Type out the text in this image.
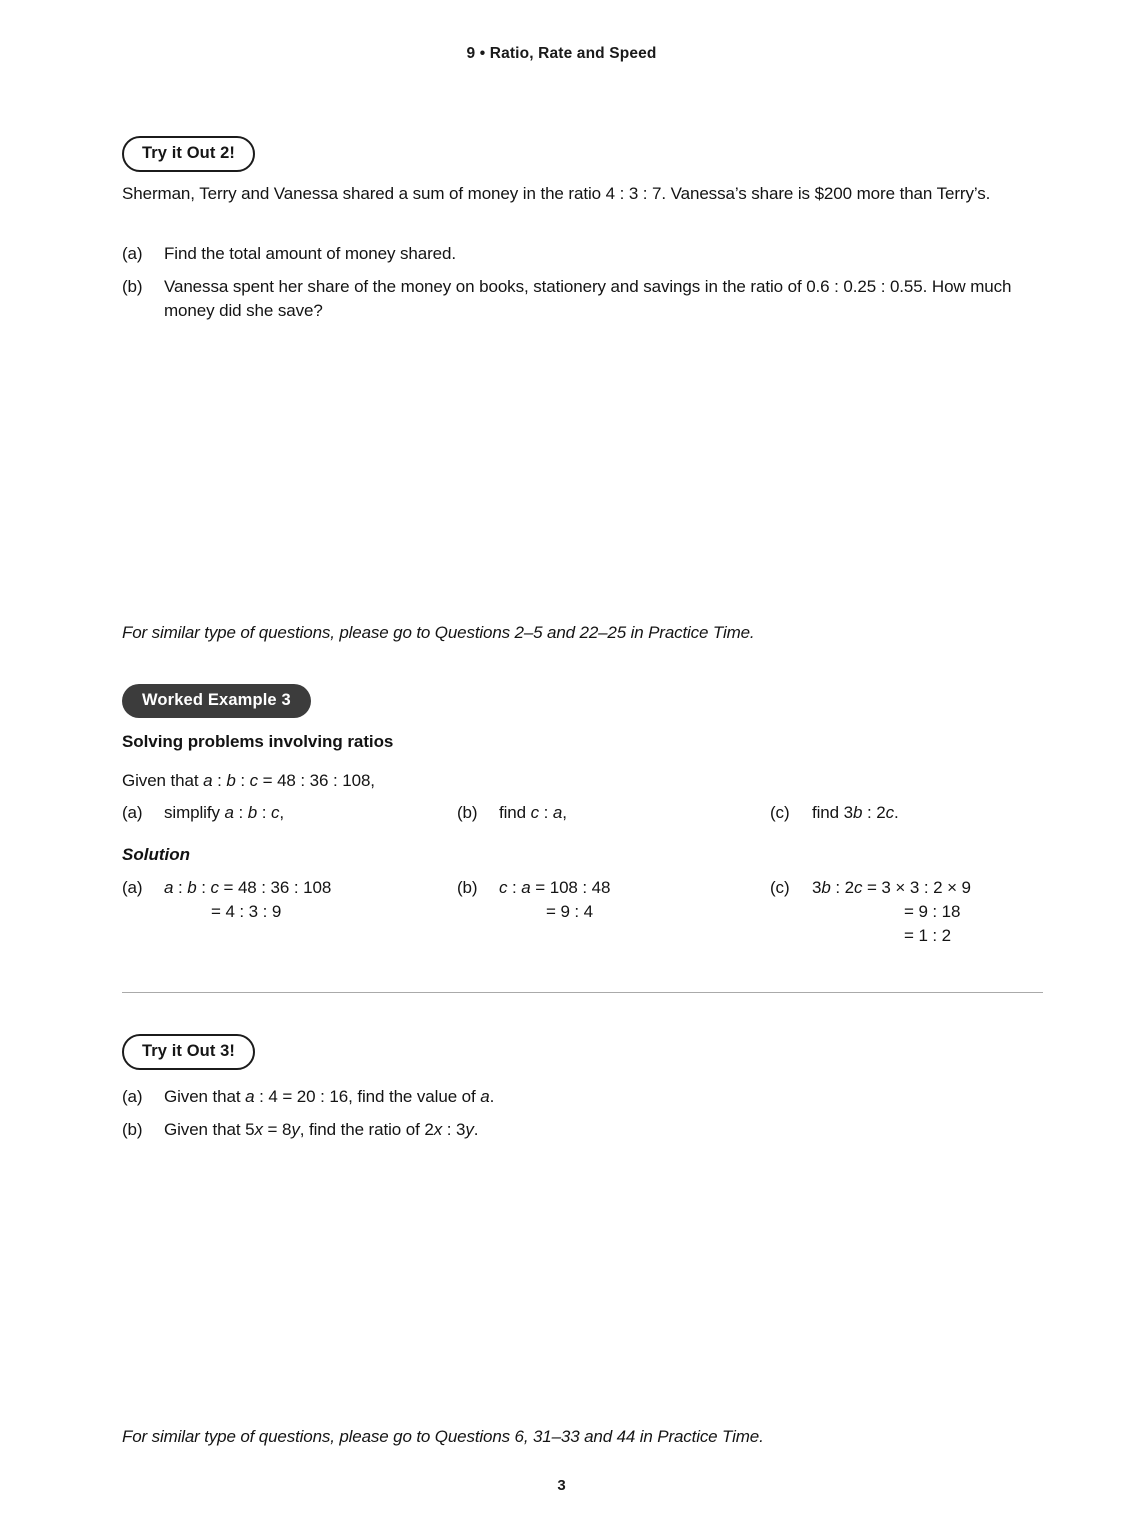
9 • Ratio, Rate and Speed
Try it Out 2!
Sherman, Terry and Vanessa shared a sum of money in the ratio 4 : 3 : 7. Vanessa’s share is $200 more than Terry’s.
(a)	Find the total amount of money shared.
(b)	Vanessa spent her share of the money on books, stationery and savings in the ratio of 0.6 : 0.25 : 0.55. How much money did she save?
For similar type of questions, please go to Questions 2–5 and 22–25 in Practice Time.
Worked Example 3
Solving problems involving ratios
Given that a : b : c = 48 : 36 : 108,
(a)	simplify a : b : c,	(b)	find c : a,	(c)	find 3b : 2c.
Solution
(a)	a : b : c = 48 : 36 : 108
= 4 : 3 : 9
(b)	c : a = 108 : 48
= 9 : 4
(c)	3b : 2c = 3 × 3 : 2 × 9
= 9 : 18
= 1 : 2
Try it Out 3!
(a)	Given that a : 4 = 20 : 16, find the value of a.
(b)	Given that 5x = 8y, find the ratio of 2x : 3y.
For similar type of questions, please go to Questions 6, 31–33 and 44 in Practice Time.
3
